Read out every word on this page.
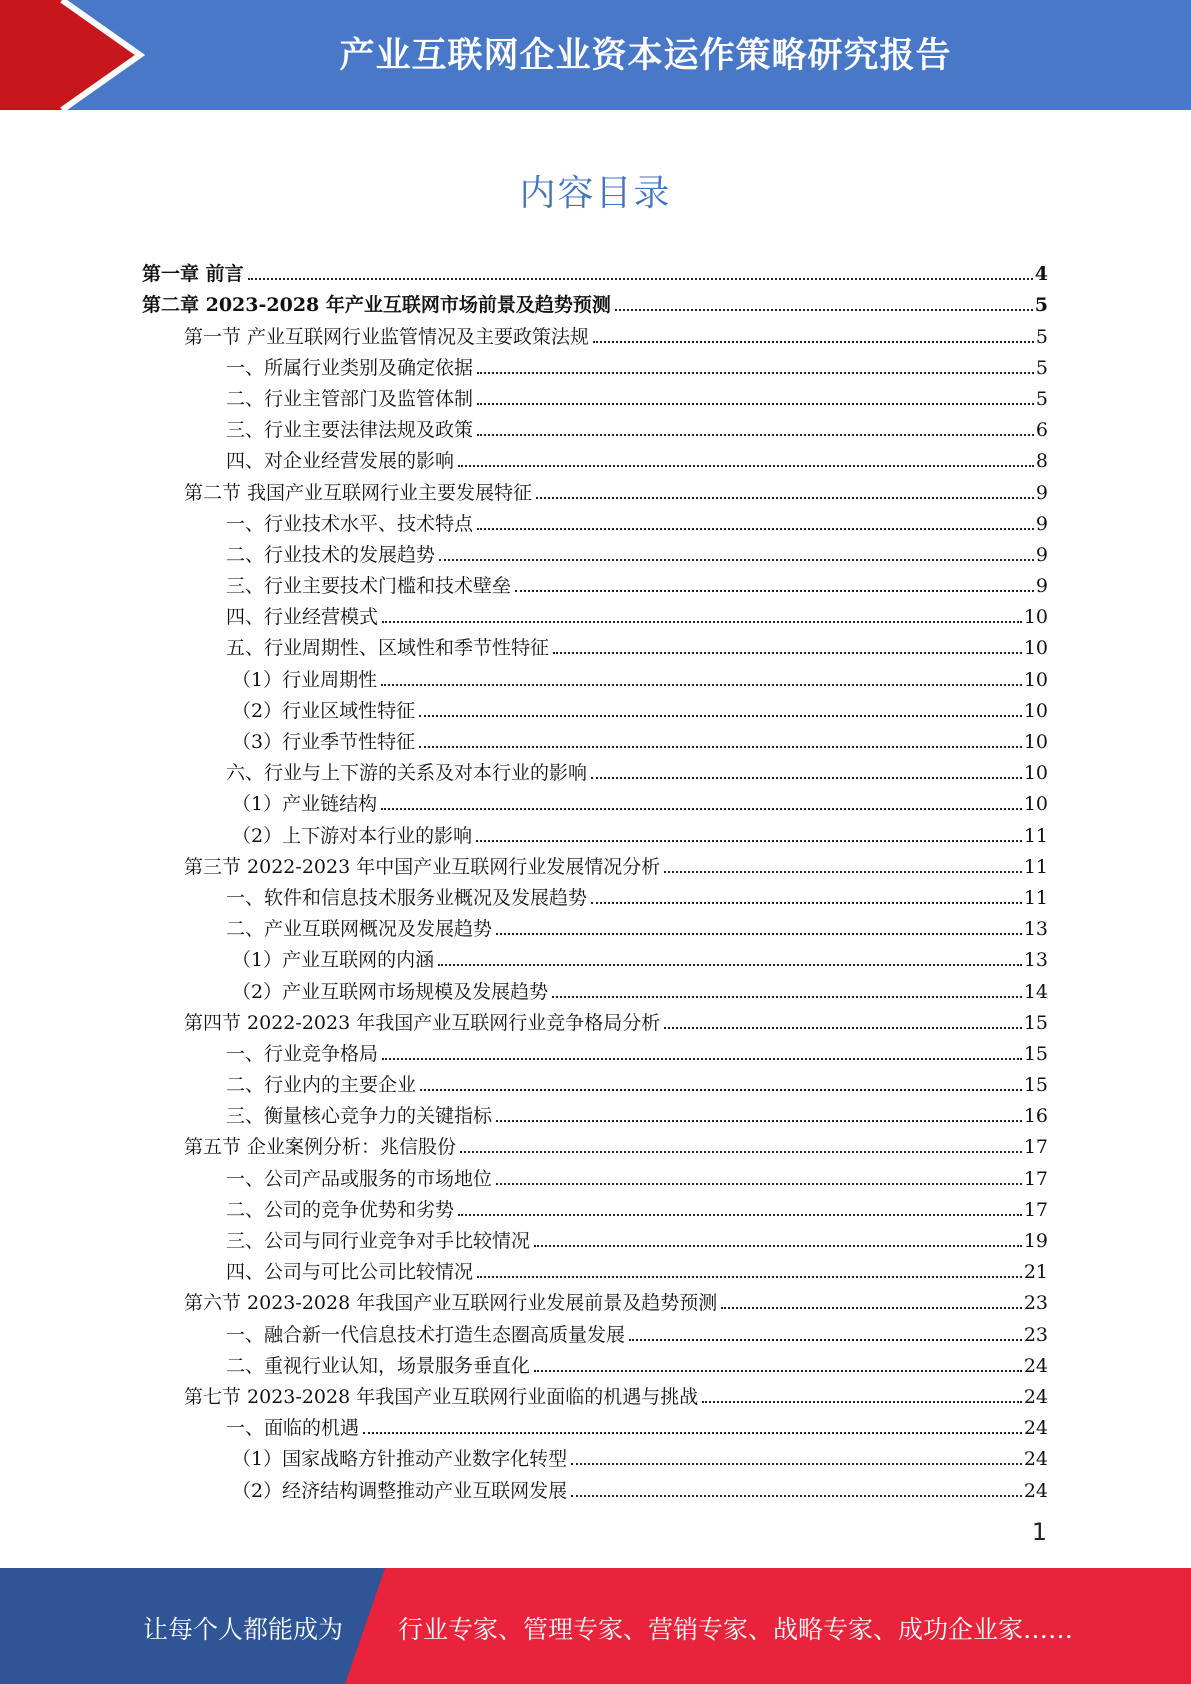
产业互联网企业资本运作策略研究报告
内容目录
第一章 前言	4
第二章 2023-2028 年产业互联网市场前景及趋势预测	5
第一节 产业互联网行业监管情况及主要政策法规	5
一、所属行业类别及确定依据	5
二、行业主管部门及监管体制	5
三、行业主要法律法规及政策	6
四、对企业经营发展的影响	8
第二节 我国产业互联网行业主要发展特征	9
一、行业技术水平、技术特点	9
二、行业技术的发展趋势	9
三、行业主要技术门槛和技术壁垒	9
四、行业经营模式	10
五、行业周期性、区域性和季节性特征	10
（1）行业周期性	10
（2）行业区域性特征	10
（3）行业季节性特征	10
六、行业与上下游的关系及对本行业的影响	10
（1）产业链结构	10
（2）上下游对本行业的影响	11
第三节 2022-2023 年中国产业互联网行业发展情况分析	11
一、软件和信息技术服务业概况及发展趋势	11
二、产业互联网概况及发展趋势	13
（1）产业互联网的内涵	13
（2）产业互联网市场规模及发展趋势	14
第四节 2022-2023 年我国产业互联网行业竞争格局分析	15
一、行业竞争格局	15
二、行业内的主要企业	15
三、衡量核心竞争力的关键指标	16
第五节 企业案例分析：兆信股份	17
一、公司产品或服务的市场地位	17
二、公司的竞争优势和劣势	17
三、公司与同行业竞争对手比较情况	19
四、公司与可比公司比较情况	21
第六节 2023-2028 年我国产业互联网行业发展前景及趋势预测	23
一、融合新一代信息技术打造生态圈高质量发展	23
二、重视行业认知，场景服务垂直化	24
第七节 2023-2028 年我国产业互联网行业面临的机遇与挑战	24
一、面临的机遇	24
（1）国家战略方针推动产业数字化转型	24
（2）经济结构调整推动产业互联网发展	24
1
让每个人都能成为 行业专家、管理专家、营销专家、战略专家、成功企业家……
